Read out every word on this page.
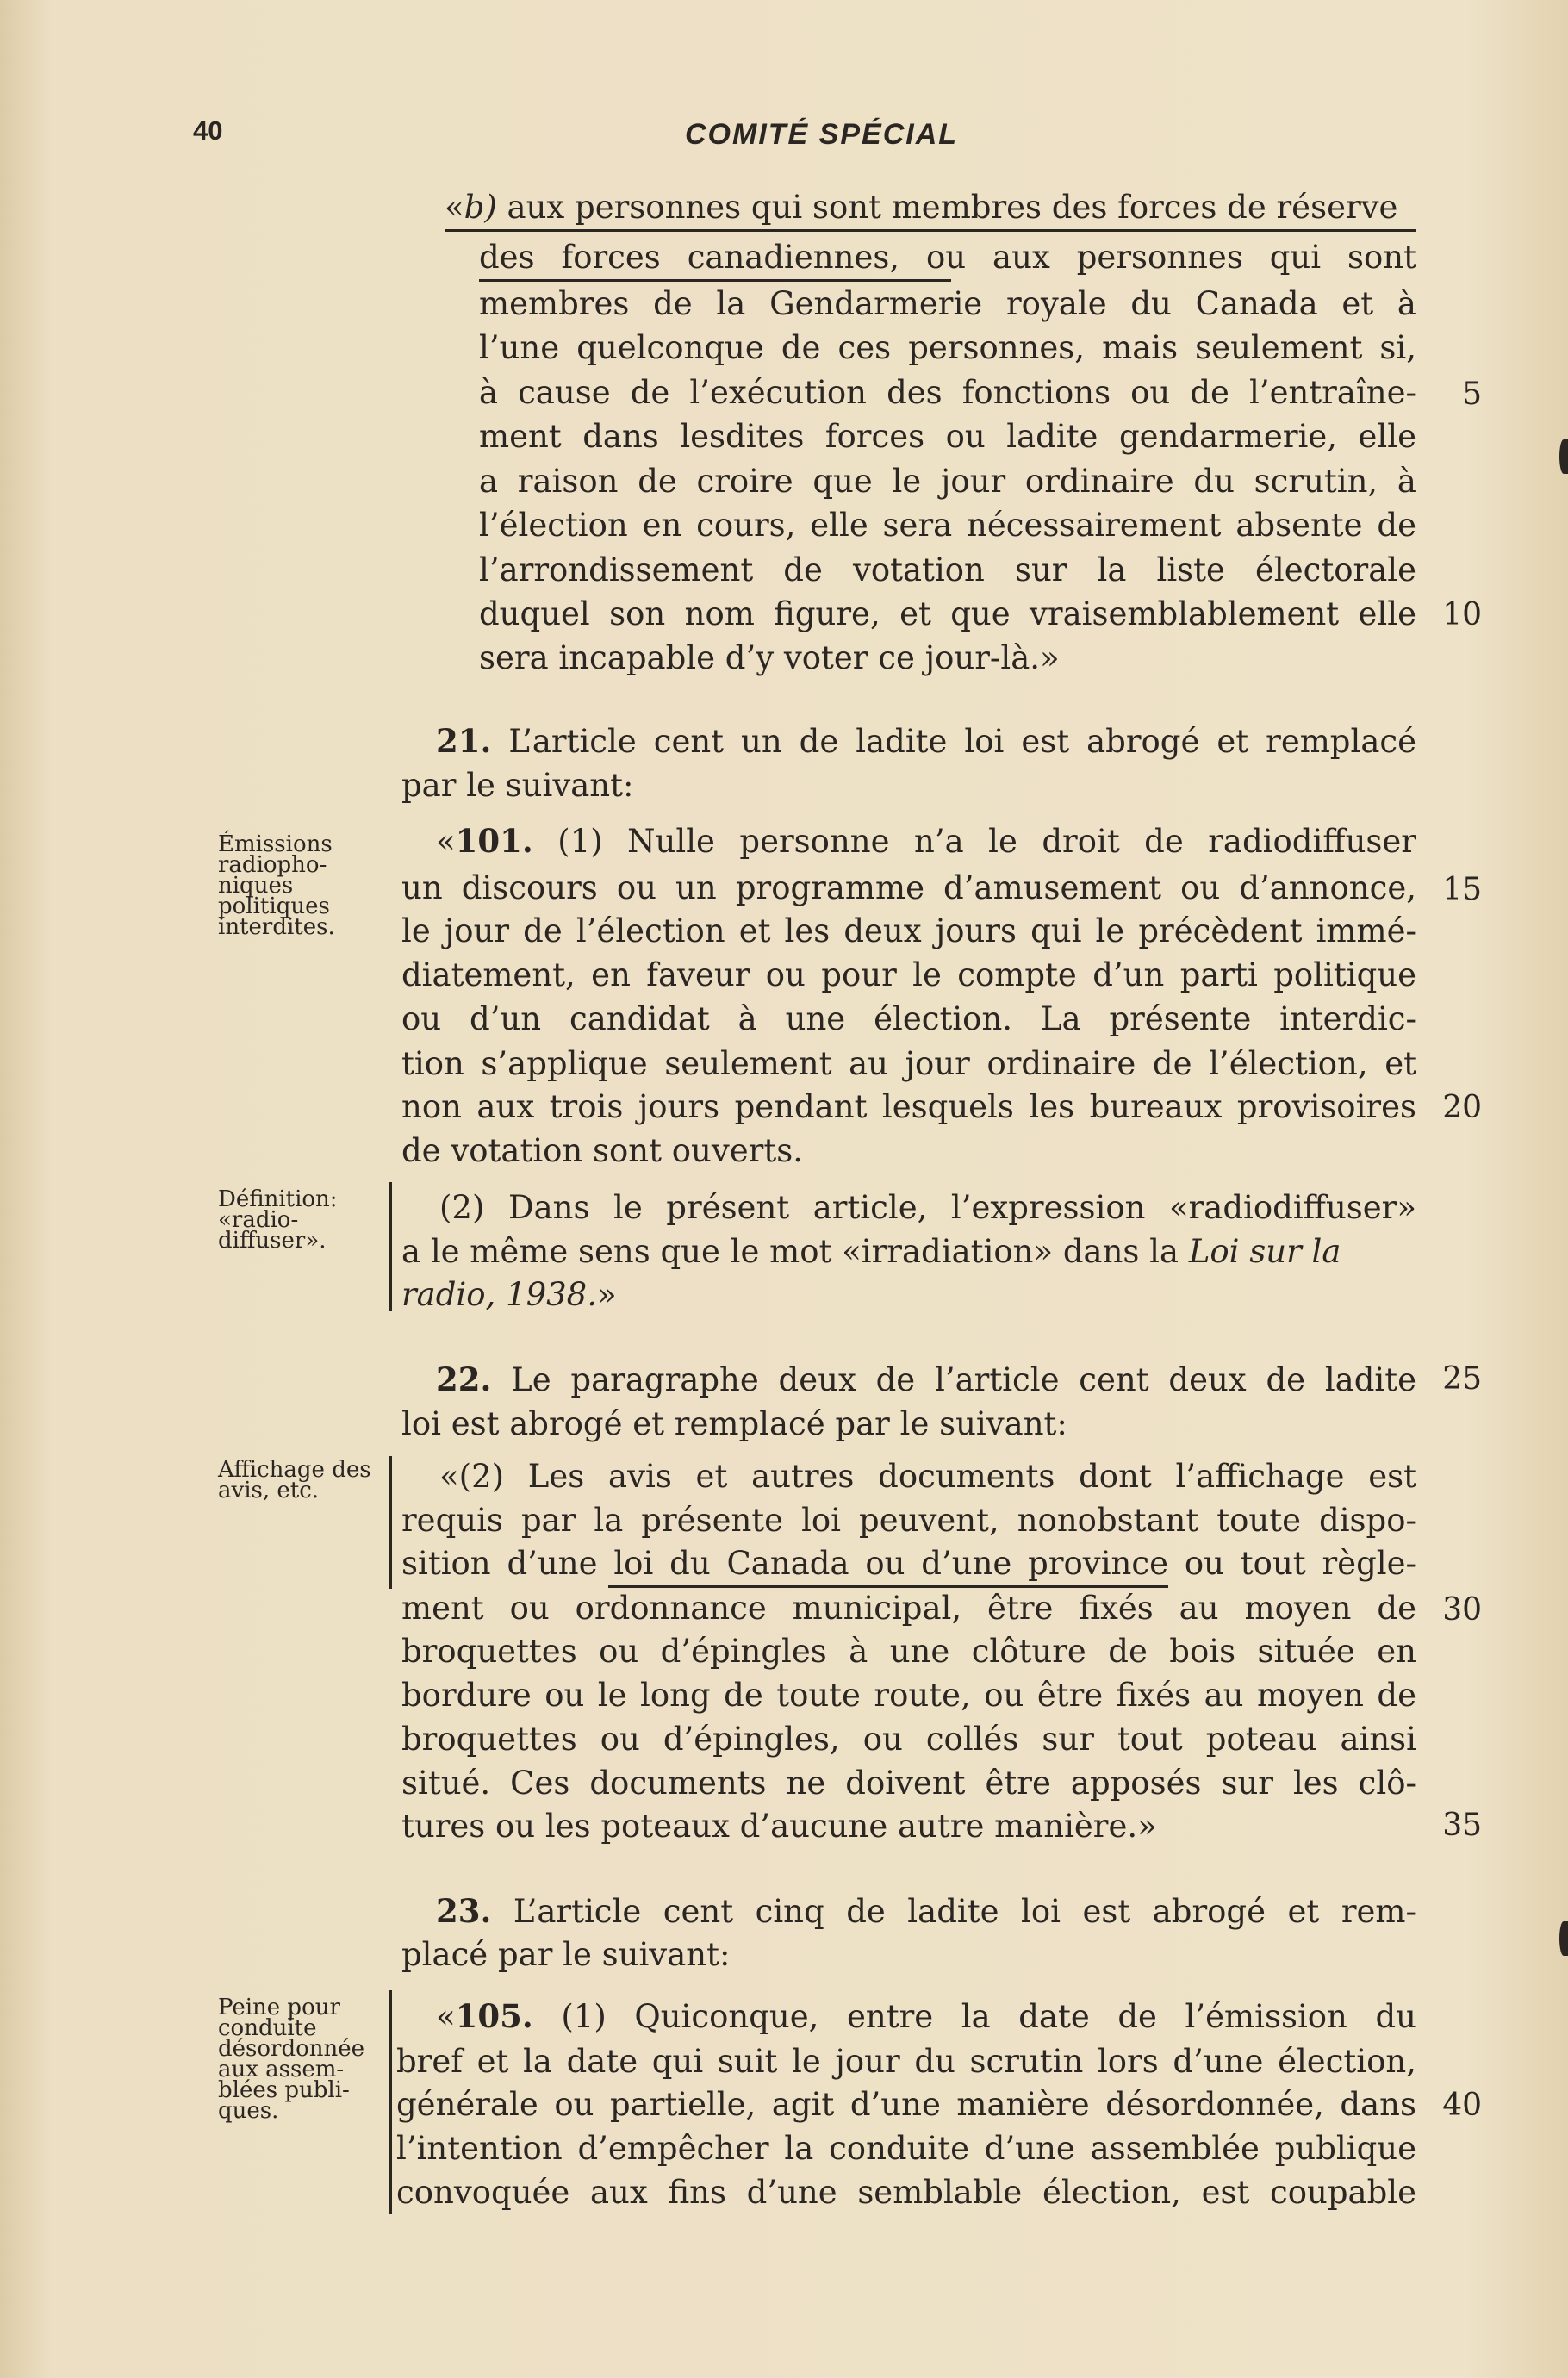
40	COMITÉ SPÉCIAL
«b) aux personnes qui sont membres des forces de réserve
des forces canadiennes, ou aux personnes qui sont
membres de la Gendarmerie royale du Canada et à
l’une quelconque de ces personnes, mais seulement si,
à cause de l’exécution des fonctions ou de l’entraîne-
ment dans lesdites forces ou ladite gendarmerie, elle
a raison de croire que le jour ordinaire du scrutin, à
l’élection en cours, elle sera nécessairement absente de
l’arrondissement de votation sur la liste électorale
duquel son nom figure, et que vraisemblablement elle
sera incapable d’y voter ce jour-là.»
21. L’article cent un de ladite loi est abrogé et remplacé
par le suivant:
Émissions
radiopho-
niques
politiques
interdites.
«101. (1) Nulle personne n’a le droit de radiodiffuser
un discours ou un programme d’amusement ou d’annonce,
le jour de l’élection et les deux jours qui le précèdent immé-
diatement, en faveur ou pour le compte d’un parti politique
ou d’un candidat à une élection. La présente interdic-
tion s’applique seulement au jour ordinaire de l’élection, et
non aux trois jours pendant lesquels les bureaux provisoires
de votation sont ouverts.
Définition:
«radio-
diffuser».
(2) Dans le présent article, l’expression «radiodiffuser»
a le même sens que le mot «irradiation» dans la Loi sur la
radio, 1938.»
22. Le paragraphe deux de l’article cent deux de ladite
loi est abrogé et remplacé par le suivant:
Affichage des
avis, etc.	«(2) Les avis et autres documents dont l’affichage est
requis par la présente loi peuvent, nonobstant toute dispo-
sition d’une loi du Canada ou d’une province ou tout règle-
ment ou ordonnance municipal, être fixés au moyen de
broquettes ou d’épingles à une clôture de bois située en
bordure ou le long de toute route, ou être fixés au moyen de
broquettes ou d’épingles, ou collés sur tout poteau ainsi
situé. Ces documents ne doivent être apposés sur les clô-
tures ou les poteaux d’aucune autre manière.»
23. L’article cent cinq de ladite loi est abrogé et rem-
placé par le suivant:
Peine pour
conduite
désordonnée
aux assem-
blées publi-
ques.
«105. (1) Quiconque, entre la date de l’émission du
bref et la date qui suit le jour du scrutin lors d’une élection,
générale ou partielle, agit d’une manière désordonnée, dans
l’intention d’empêcher la conduite d’une assemblée publique
convoquée aux fins d’une semblable élection, est coupable
5
10
15
20
25
30
35
40
